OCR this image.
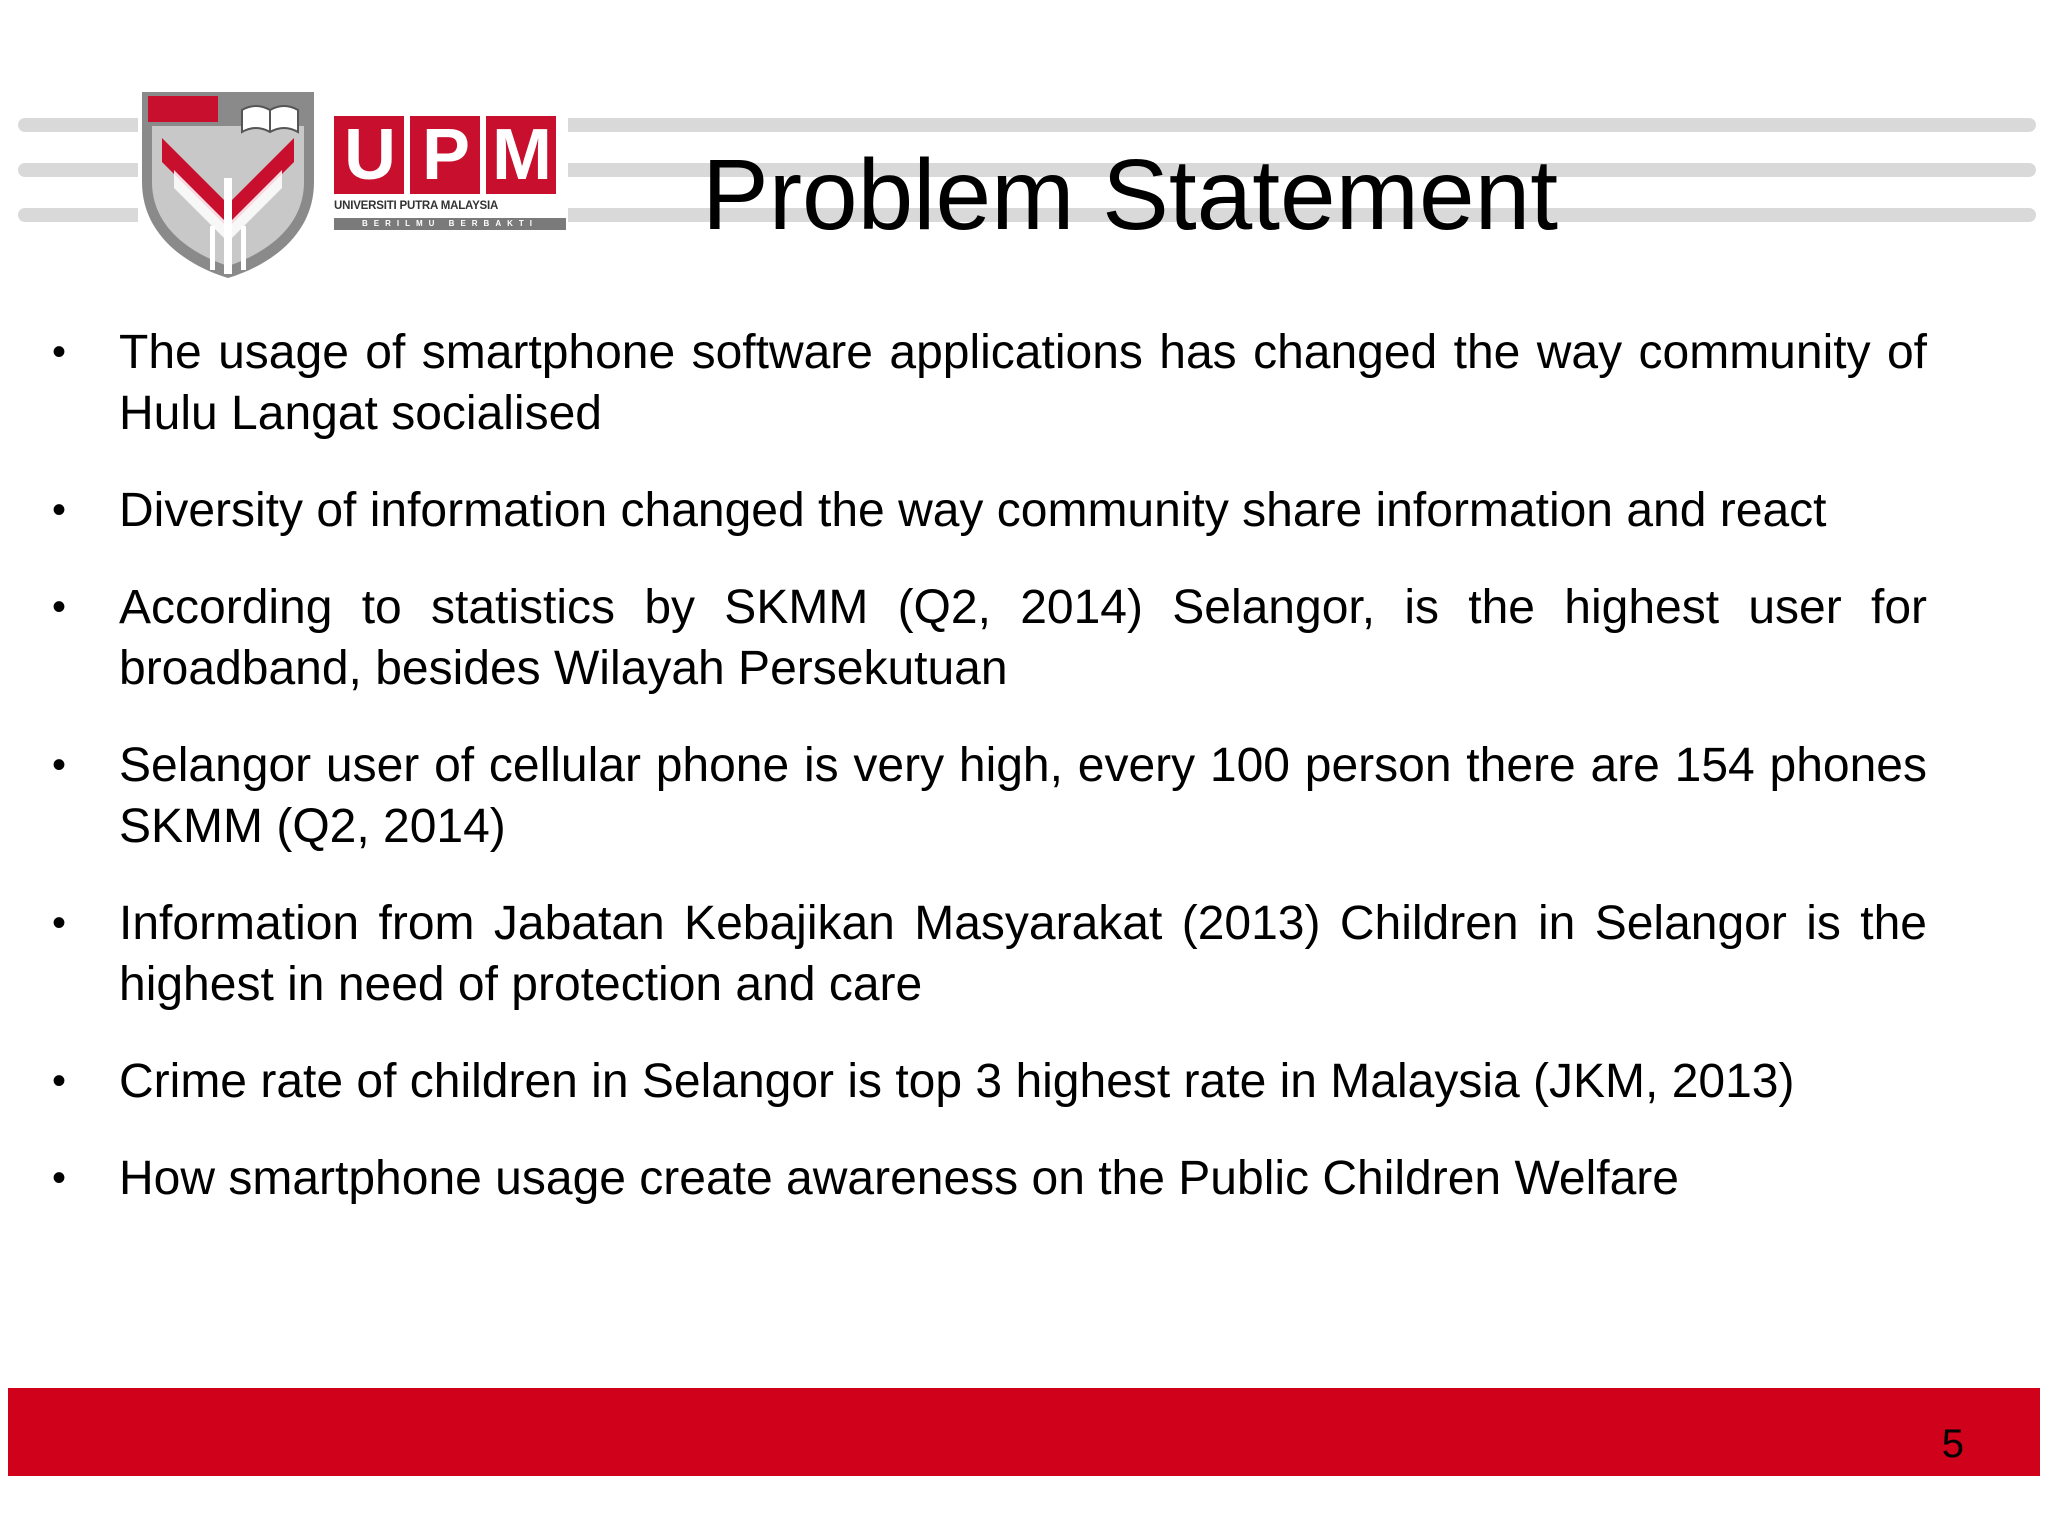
U P M
UNIVERSITI PUTRA MALAYSIA
BERILMU BERBAKTI	Problem Statement
• The usage of smartphone software applications has changed the way community of Hulu Langat socialised
• Diversity of information changed the way community share information and react
• According to statistics by SKMM (Q2, 2014) Selangor, is the highest user for broadband, besides Wilayah Persekutuan
• Selangor user of cellular phone is very high, every 100 person there are 154 phones SKMM (Q2, 2014)
• Information from Jabatan Kebajikan Masyarakat (2013) Children in Selangor is the highest in need of protection and care
• Crime rate of children in Selangor is top 3 highest rate in Malaysia (JKM, 2013)
• How smartphone usage create awareness on the Public Children Welfare
5
